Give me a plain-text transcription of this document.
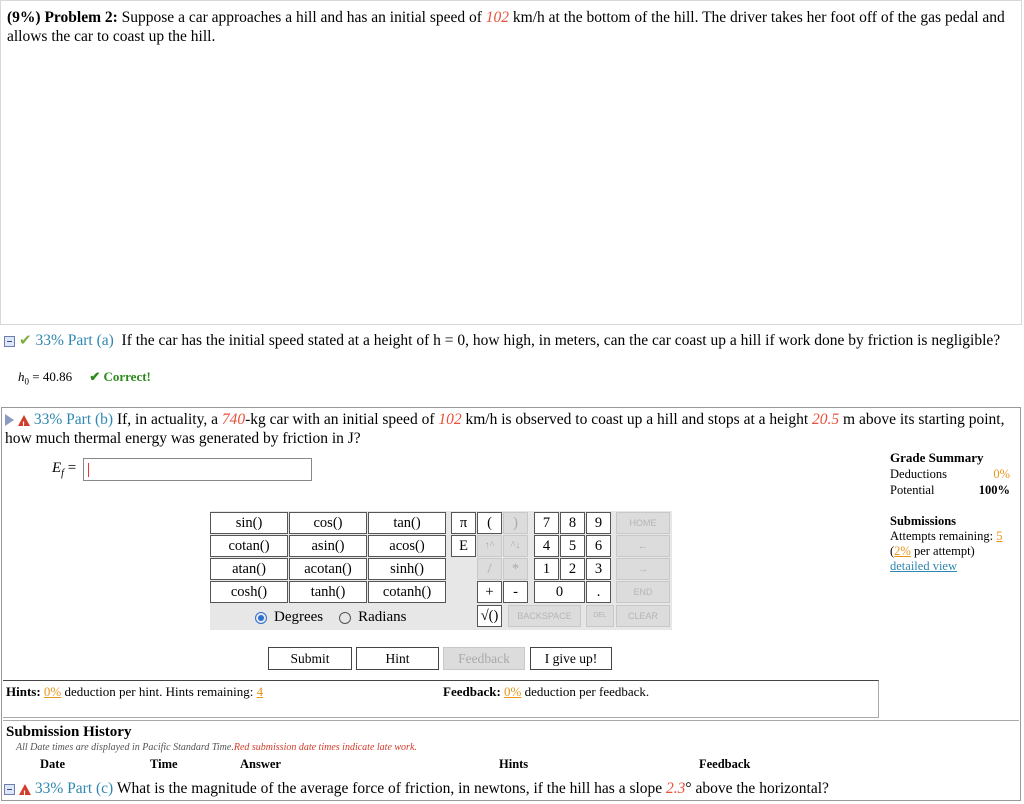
(9%) Problem 2: Suppose a car approaches a hill and has an initial speed of 102 km/h at the bottom of the hill. The driver takes her foot off of the gas pedal and allows the car to coast up the hill.
✔ 33% Part (a) If the car has the initial speed stated at a height of h = 0, how high, in meters, can the car coast up a hill if work done by friction is negligible?
$h_0 = 40.86$ ✔ Correct!
!
33% Part (b) If, in actuality, a 740-kg car with an initial speed of 102 km/h is observed to coast up a hill and stops at a height 20.5 m above its starting point, how much thermal energy was generated by friction in J?
$E_f$ =
Grade Summary
Deductions	0%
Potential	100%
Submissions
Attempts remaining: 5
(2% per attempt)
detailed view
sin()	cos()	tan()
cotan()	asin()	acos()
atan()	acotan()	sinh()
cosh()	tanh()	cotanh()
Degrees Radians
π	(	)
E	↑^	^↓
/	*
+	-
√()
7	8	9
4	5	6
1	2	3
0	.
HOME
←
→
END
BACKSPACE	DEL	CLEAR
Submit	Hint	Feedback	I give up!
Hints: 0% deduction per hint. Hints remaining: 4	Feedback: 0% deduction per feedback.
Submission History
All Date times are displayed in Pacific Standard Time.Red submission date times indicate late work.
Date	Time	Answer	Hints	Feedback
!
33% Part (c) What is the magnitude of the average force of friction, in newtons, if the hill has a slope 2.3° above the horizontal?
